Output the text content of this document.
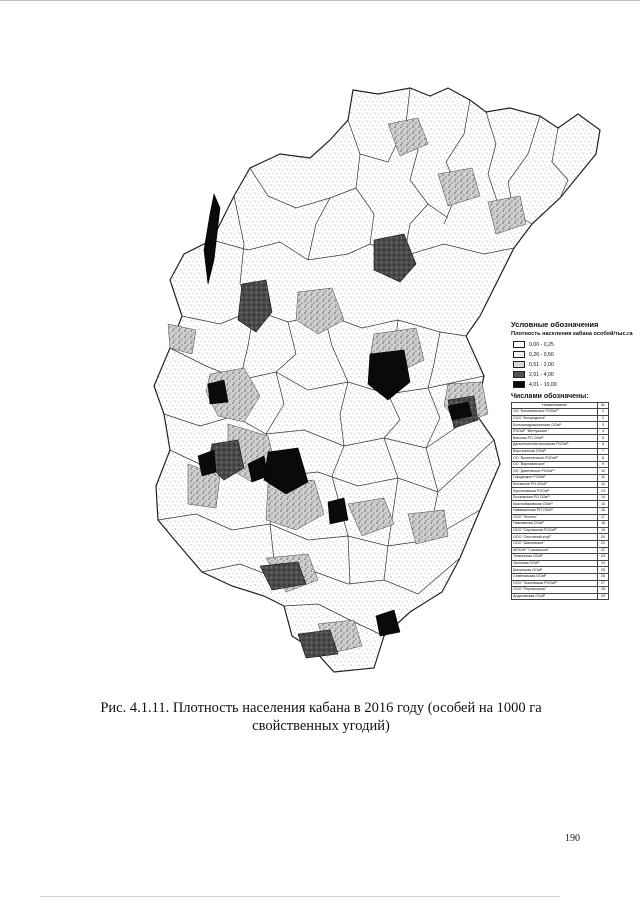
Условные обозначения
Плотность населения кабана особей/тыс.га
0,00 - 0,25
0,26 - 0,50
0,51 - 2,00
2,01 - 4,00
4,01 - 10,00
Числами обозначены:
Наименование	№
ОО "Балахнинское РООиР"	1
ООО "Богородское"	2
Большемурашкинская ООиР	3
РООиР "Ветлужское"	4
Вачская РО ООиР	5
Дальнеконстантиновская РООиР	6
Воротынская ООиР	7
ОО "Вознесенское РООиР"	8
ОО "Варнавинское"	9
ОО "Дивеевское РООиР"	10
Городецкое РООиР	11
Кстовское РО ООиР	12
Лукояновская РООиР	13
Лысковская РО ООиР	14
Краснобаковская ООиР	15
Навашинская РО ООиР	16
ООО "Лесное"	17
Павловская ООиР	18
ООО "Сергачская РООиР"	19
ООО "Охотничий клуб"	20
ООО "Шатковское"	21
МООиР "Сокольское"	22
Тонкинская ООиР	23
Уренская ООиР	24
Шахунская ООиР	25
Семёновская ООиР	26
ООО "Чкаловская РООиР"	27
ООО "Перевозская"	28
Ардатовская ООиР	29
Рис. 4.1.11. Плотность населения кабана в 2016 году (особей на 1000 га
свойственных угодий)
190
